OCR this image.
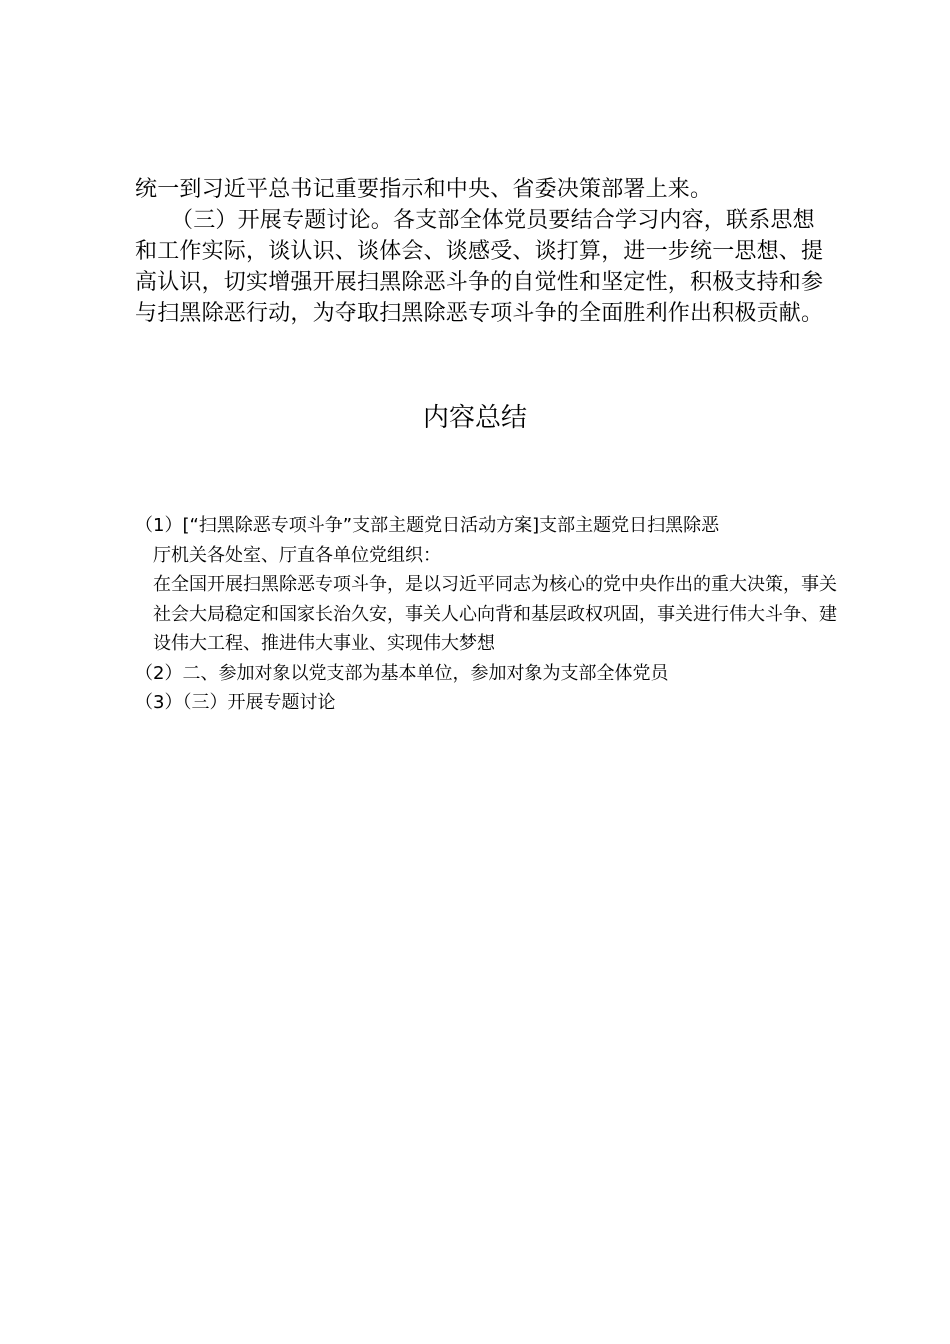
统一到习近平总书记重要指示和中央、省委决策部署上来。

（三）开展专题讨论。各支部全体党员要结合学习内容，联系思想和工作实际，谈认识、谈体会、谈感受、谈打算，进一步统一思想、提高认识，切实增强开展扫黑除恶斗争的自觉性和坚定性，积极支持和参与扫黑除恶行动，为夺取扫黑除恶专项斗争的全面胜利作出积极贡献。

内容总结
（1）[“扫黑除恶专项斗争”支部主题党日活动方案]支部主题党日扫黑除恶
厅机关各处室、厅直各单位党组织：
在全国开展扫黑除恶专项斗争，是以习近平同志为核心的党中央作出的重大决策，事关社会大局稳定和国家长治久安，事关人心向背和基层政权巩固，事关进行伟大斗争、建设伟大工程、推进伟大事业、实现伟大梦想
（2）二、参加对象以党支部为基本单位，参加对象为支部全体党员
（3）（三）开展专题讨论
